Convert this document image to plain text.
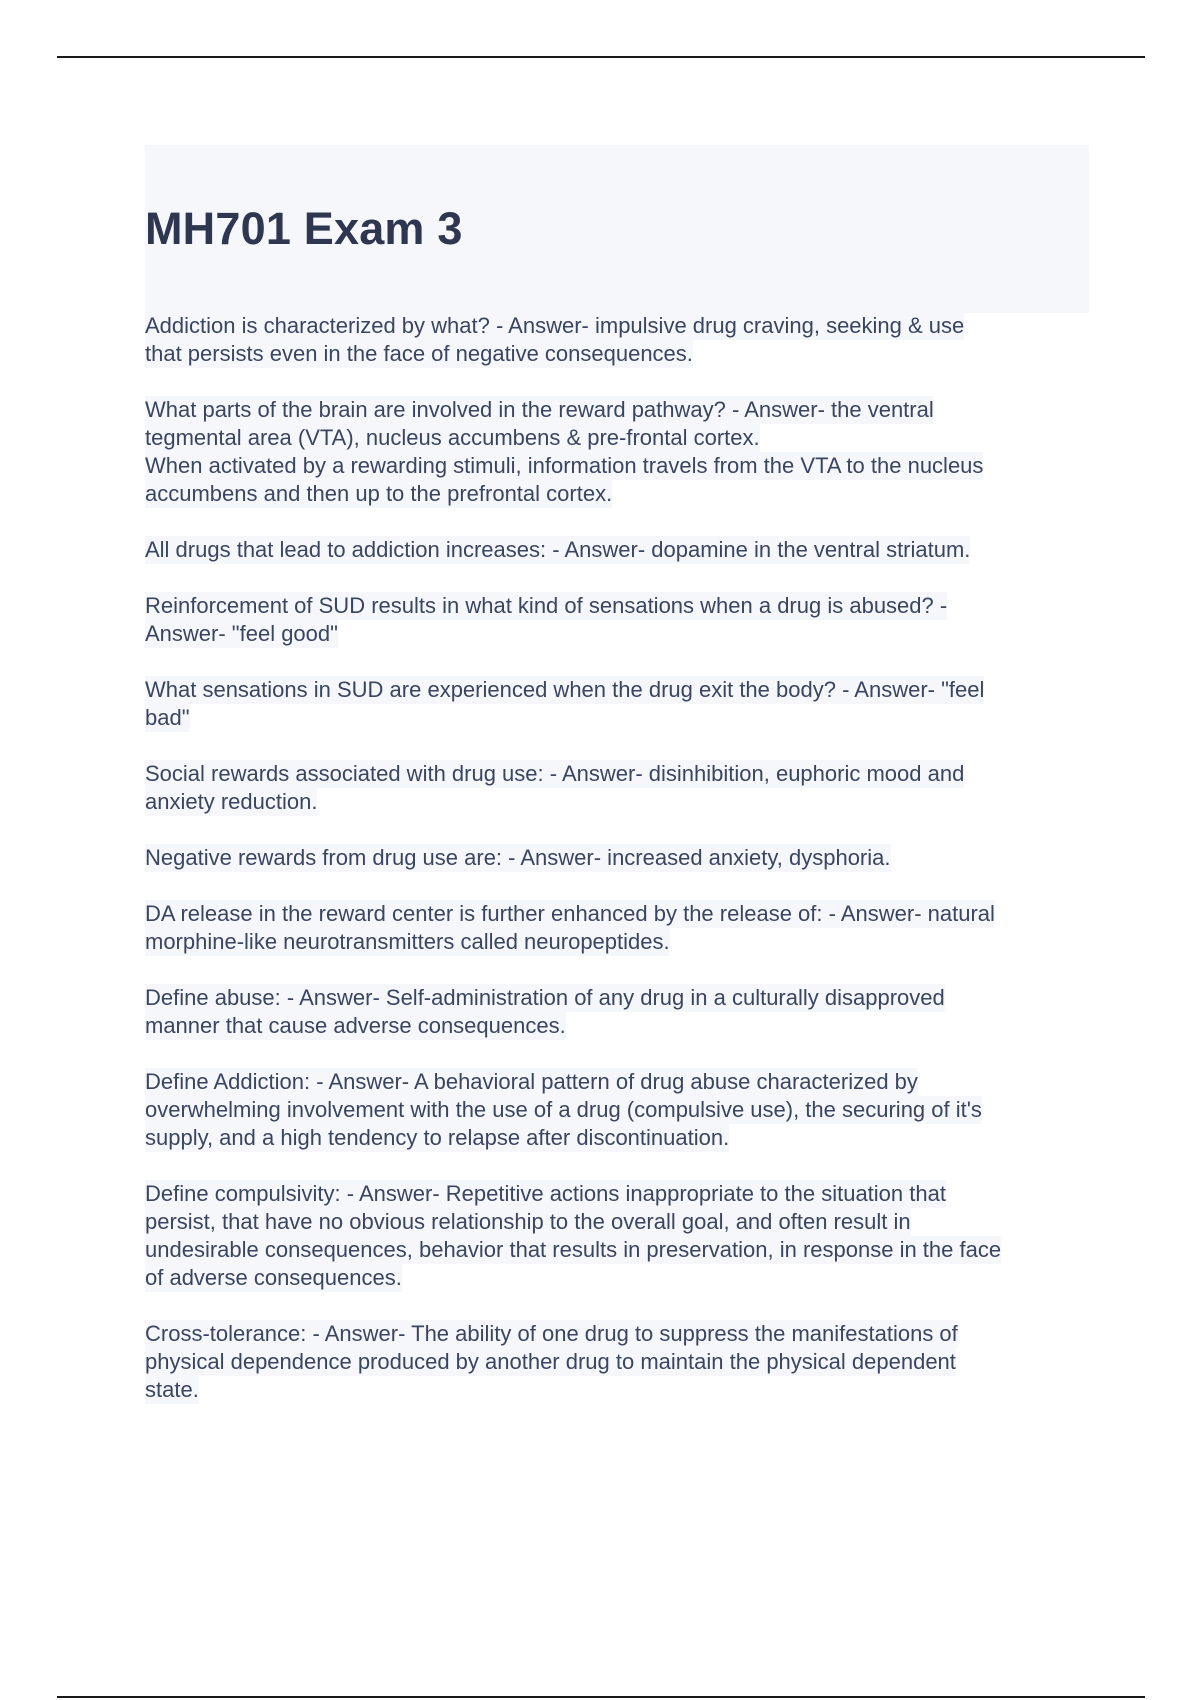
MH701 Exam 3

Addiction is characterized by what? - Answer- impulsive drug craving, seeking & use
that persists even in the face of negative consequences.

What parts of the brain are involved in the reward pathway? - Answer- the ventral
tegmental area (VTA), nucleus accumbens & pre-frontal cortex.
When activated by a rewarding stimuli, information travels from the VTA to the nucleus
accumbens and then up to the prefrontal cortex.

All drugs that lead to addiction increases: - Answer- dopamine in the ventral striatum.

Reinforcement of SUD results in what kind of sensations when a drug is abused? -
Answer- "feel good"

What sensations in SUD are experienced when the drug exit the body? - Answer- "feel
bad"

Social rewards associated with drug use: - Answer- disinhibition, euphoric mood and
anxiety reduction.

Negative rewards from drug use are: - Answer- increased anxiety, dysphoria.

DA release in the reward center is further enhanced by the release of: - Answer- natural
morphine-like neurotransmitters called neuropeptides.

Define abuse: - Answer- Self-administration of any drug in a culturally disapproved
manner that cause adverse consequences.

Define Addiction: - Answer- A behavioral pattern of drug abuse characterized by
overwhelming involvement with the use of a drug (compulsive use), the securing of it's
supply, and a high tendency to relapse after discontinuation.

Define compulsivity: - Answer- Repetitive actions inappropriate to the situation that
persist, that have no obvious relationship to the overall goal, and often result in
undesirable consequences, behavior that results in preservation, in response in the face
of adverse consequences.

Cross-tolerance: - Answer- The ability of one drug to suppress the manifestations of
physical dependence produced by another drug to maintain the physical dependent
state.
